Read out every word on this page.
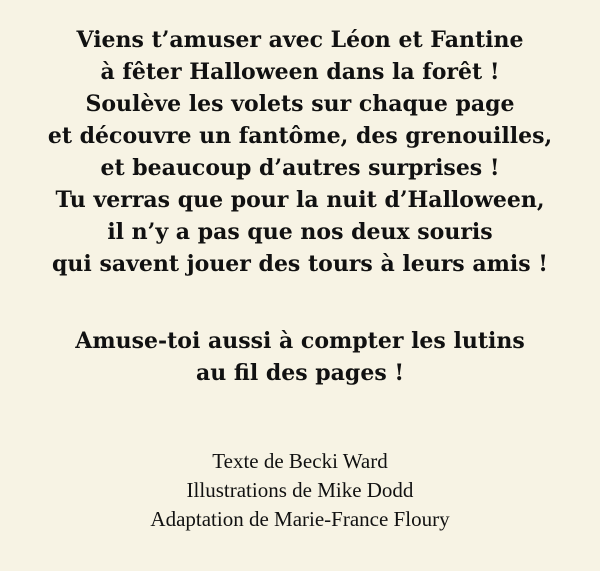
Viens t’amuser avec Léon et Fantine
à fêter Halloween dans la forêt !
Soulève les volets sur chaque page
et découvre un fantôme, des grenouilles,
et beaucoup d’autres surprises !
Tu verras que pour la nuit d’Halloween,
il n’y a pas que nos deux souris
qui savent jouer des tours à leurs amis !
Amuse-toi aussi à compter les lutins
au fil des pages !
Texte de Becki Ward
Illustrations de Mike Dodd
Adaptation de Marie-France Floury
